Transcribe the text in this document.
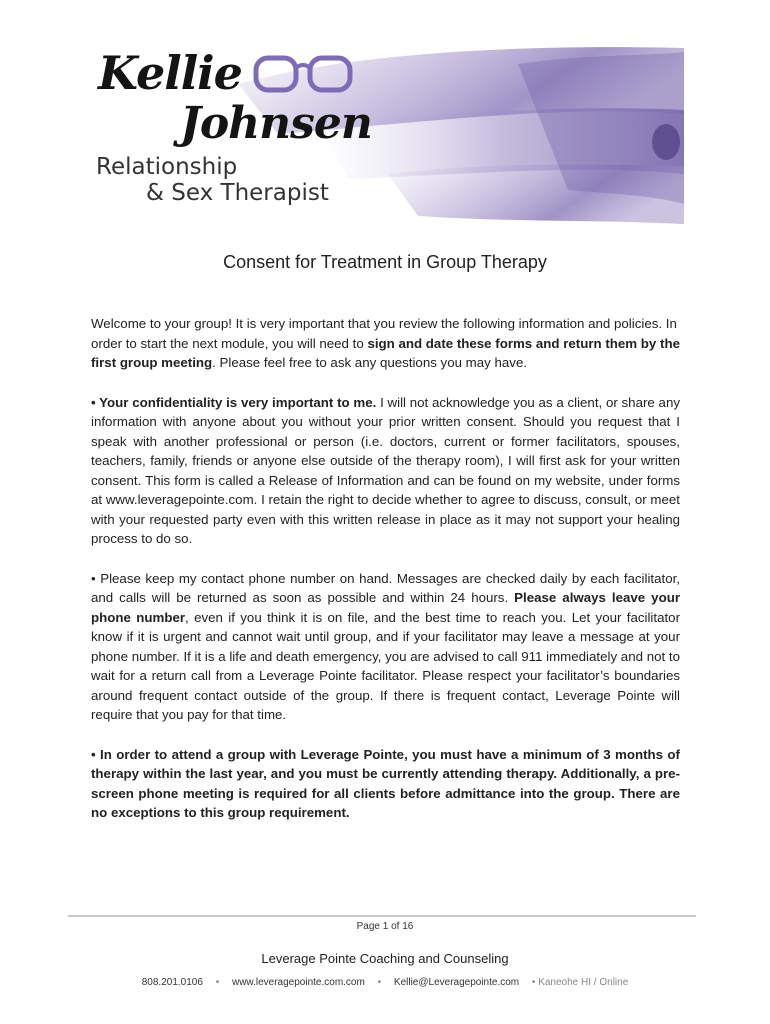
Kellie
Johnsen
Relationship
& Sex Therapist
Consent for Treatment in Group Therapy

Welcome to your group! It is very important that you review the following information and policies. In order to start the next module, you will need to sign and date these forms and return them by the first group meeting. Please feel free to ask any questions you may have.

• Your confidentiality is very important to me. I will not acknowledge you as a client, or share any information with anyone about you without your prior written consent. Should you request that I speak with another professional or person (i.e. doctors, current or former facilitators, spouses, teachers, family, friends or anyone else outside of the therapy room), I will first ask for your written consent. This form is called a Release of Information and can be found on my website, under forms at www.leveragepointe.com. I retain the right to decide whether to agree to discuss, consult, or meet with your requested party even with this written release in place as it may not support your healing process to do so.

• Please keep my contact phone number on hand. Messages are checked daily by each facilitator, and calls will be returned as soon as possible and within 24 hours. Please always leave your phone number, even if you think it is on file, and the best time to reach you. Let your facilitator know if it is urgent and cannot wait until group, and if your facilitator may leave a message at your phone number. If it is a life and death emergency, you are advised to call 911 immediately and not to wait for a return call from a Leverage Pointe facilitator. Please respect your facilitator’s boundaries around frequent contact outside of the group. If there is frequent contact, Leverage Pointe will require that you pay for that time.

• In order to attend a group with Leverage Pointe, you must have a minimum of 3 months of therapy within the last year, and you must be currently attending therapy. Additionally, a pre-screen phone meeting is required for all clients before admittance into the group. There are no exceptions to this group requirement.

Page 1 of 16
Leverage Pointe Coaching and Counseling
808.201.0106 • www.leveragepointe.com.com • Kellie@Leveragepointe.com • Kaneohe HI / Online
